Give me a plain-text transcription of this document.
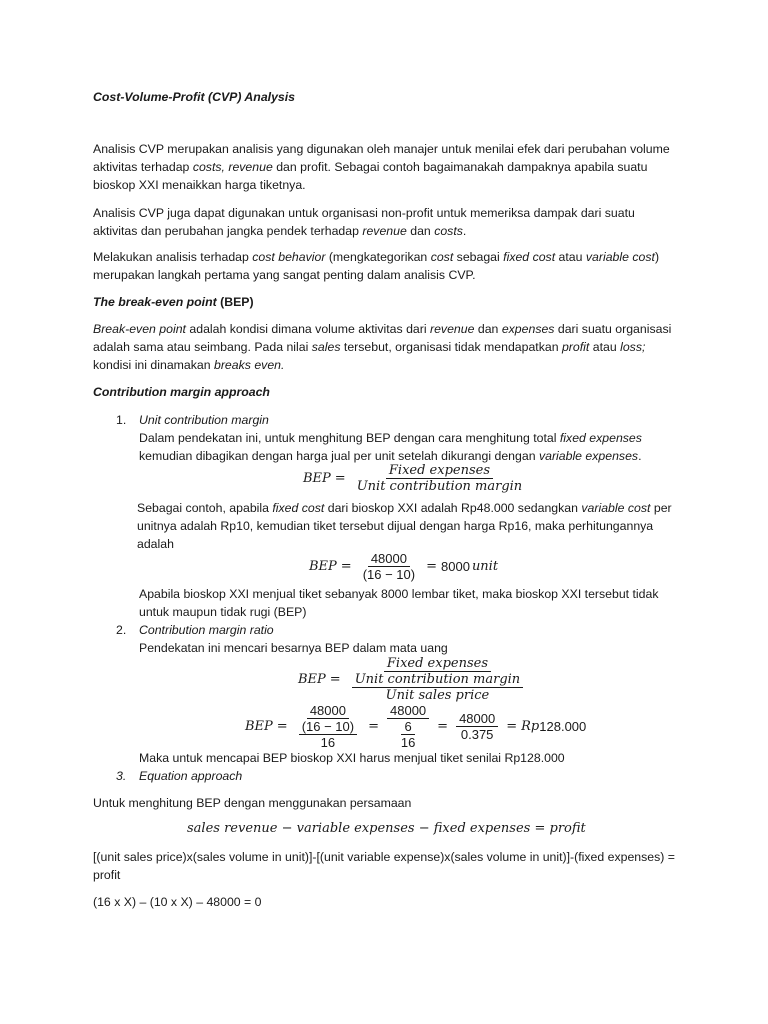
Cost-Volume-Profit (CVP) Analysis

Analisis CVP merupakan analisis yang digunakan oleh manajer untuk menilai efek dari perubahan volume aktivitas terhadap costs, revenue dan profit. Sebagai contoh bagaimanakah dampaknya apabila suatu bioskop XXI menaikkan harga tiketnya.

Analisis CVP juga dapat digunakan untuk organisasi non-profit untuk memeriksa dampak dari suatu aktivitas dan perubahan jangka pendek terhadap revenue dan costs.

Melakukan analisis terhadap cost behavior (mengkategorikan cost sebagai fixed cost atau variable cost) merupakan langkah pertama yang sangat penting dalam analisis CVP.

The break-even point (BEP)

Break-even point adalah kondisi dimana volume aktivitas dari revenue dan expenses dari suatu organisasi adalah sama atau seimbang. Pada nilai sales tersebut, organisasi tidak mendapatkan profit atau loss; kondisi ini dinamakan breaks even.

Contribution margin approach

1. Unit contribution margin

Dalam pendekatan ini, untuk menghitung BEP dengan cara menghitung total fixed expenses kemudian dibagikan dengan harga jual per unit setelah dikurangi dengan variable expenses.

BEP = $\frac{\text{Fixed expenses}}{\text{Unit contribution margin}}$

Sebagai contoh, apabila fixed cost dari bioskop XXI adalah Rp48.000 sedangkan variable cost per unitnya adalah Rp10, kemudian tiket tersebut dijual dengan harga Rp16, maka perhitungannya adalah

BEP = $\frac{48000}{(16 - 10)} = 8000$ unit

Apabila bioskop XXI menjual tiket sebanyak 8000 lembar tiket, maka bioskop XXI tersebut tidak untuk maupun tidak rugi (BEP)

2. Contribution margin ratio

Pendekatan ini mencari besarnya BEP dalam mata uang

BEP = $\frac{\text{Fixed expenses}}{\frac{\text{Unit contribution margin}}{\text{Unit sales price}}}$
BEP = $\frac{48000}{\frac{(16 - 10)}{16}} = \frac{48000}{\frac{6}{16}} = \frac{48000}{0.375} = Rp$ 128.000

Maka untuk mencapai BEP bioskop XXI harus menjual tiket senilai Rp128.000

3. Equation approach

Untuk menghitung BEP dengan menggunakan persamaan

sales revenue − variable expenses − fixed expenses = profit

[(unit sales price)x(sales volume in unit)]-[(unit variable expense)x(sales volume in unit)]-(fixed expenses) = profit

(16 x X) – (10 x X) – 48000 = 0
